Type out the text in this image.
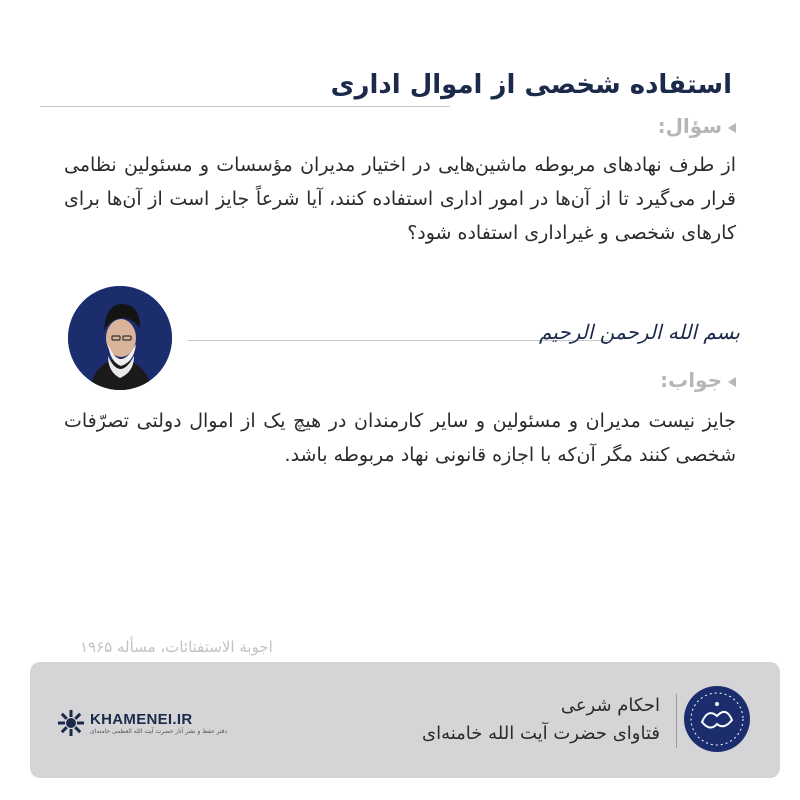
استفاده شخصی از اموال اداری
سؤال:
از طرف نهادهای مربوطه ماشین‌هایی در اختیار مدیران مؤسسات و مسئولین نظامی قرار می‌گیرد تا از آن‌ها در امور اداری استفاده کنند، آیا شرعاً جایز است از آن‌ها برای کارهای شخصی و غیراداری استفاده شود؟
بسم الله الرحمن الرحیم
جواب:
جایز نیست مدیران و مسئولین و سایر کارمندان در هیچ یک از اموال دولتی تصرّفات شخصی کنند مگر آن‌که با اجازه قانونی نهاد مربوطه باشد.
اجوبة الاستفتائات، مسأله ۱۹۶۵
KHAMENEI.IR
دفتر حفظ و نشر آثار حضرت آیت الله العظمی خامنه‌ای
احکام شرعی
فتاوای حضرت آیت الله خامنه‌ای
